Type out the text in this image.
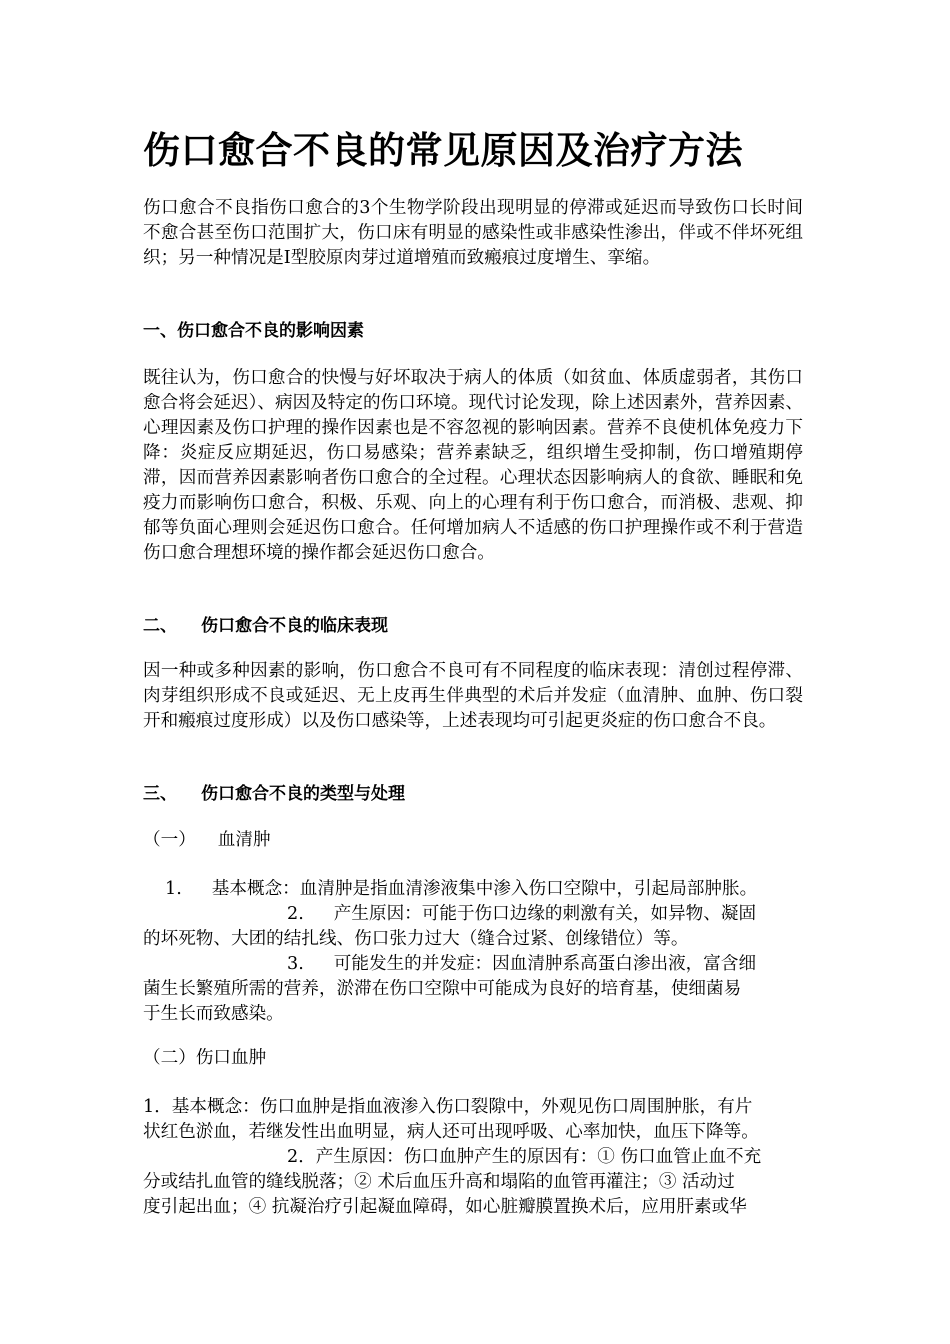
伤口愈合不良的常见原因及治疗方法

伤口愈合不良指伤口愈合的3个生物学阶段出现明显的停滞或延迟而导致伤口长时间不愈合甚至伤口范围扩大，伤口床有明显的感染性或非感染性渗出，伴或不伴坏死组织；另一种情况是I型胶原肉芽过道增殖而致瘢痕过度增生、挛缩。

一、伤口愈合不良的影响因素

既往认为，伤口愈合的快慢与好坏取决于病人的体质（如贫血、体质虚弱者，其伤口愈合将会延迟）、病因及特定的伤口环境。现代讨论发现，除上述因素外，营养因素、心理因素及伤口护理的操作因素也是不容忽视的影响因素。营养不良使机体免疫力下降：炎症反应期延迟，伤口易感染；营养素缺乏，组织增生受抑制，伤口增殖期停滞，因而营养因素影响者伤口愈合的全过程。心理状态因影响病人的食欲、睡眠和免疫力而影响伤口愈合，积极、乐观、向上的心理有利于伤口愈合，而消极、悲观、抑郁等负面心理则会延迟伤口愈合。任何增加病人不适感的伤口护理操作或不利于营造伤口愈合理想环境的操作都会延迟伤口愈合。

二、 伤口愈合不良的临床表现

因一种或多种因素的影响，伤口愈合不良可有不同程度的临床表现：清创过程停滞、肉芽组织形成不良或延迟、无上皮再生伴典型的术后并发症（血清肿、血肿、伤口裂开和瘢痕过度形成）以及伤口感染等，上述表现均可引起更炎症的伤口愈合不良。

三、 伤口愈合不良的类型与处理

（一） 血清肿

1. 基本概念：血清肿是指血清渗液集中渗入伤口空隙中，引起局部肿胀。

2. 产生原因：可能于伤口边缘的刺激有关，如异物、凝固

的坏死物、大团的结扎线、伤口张力过大（缝合过紧、创缘错位）等。

3. 可能发生的并发症：因血清肿系高蛋白渗出液，富含细

菌生长繁殖所需的营养，淤滞在伤口空隙中可能成为良好的培育基，使细菌易

于生长而致感染。

（二）伤口血肿

1．基本概念：伤口血肿是指血液渗入伤口裂隙中，外观见伤口周围肿胀，有片

状红色淤血，若继发性出血明显，病人还可出现呼吸、心率加快，血压下降等。

2．产生原因：伤口血肿产生的原因有：① 伤口血管止血不充

分或结扎血管的缝线脱落；② 术后血压升高和塌陷的血管再灌注；③ 活动过

度引起出血；④ 抗凝治疗引起凝血障碍，如心脏瓣膜置换术后，应用肝素或华
